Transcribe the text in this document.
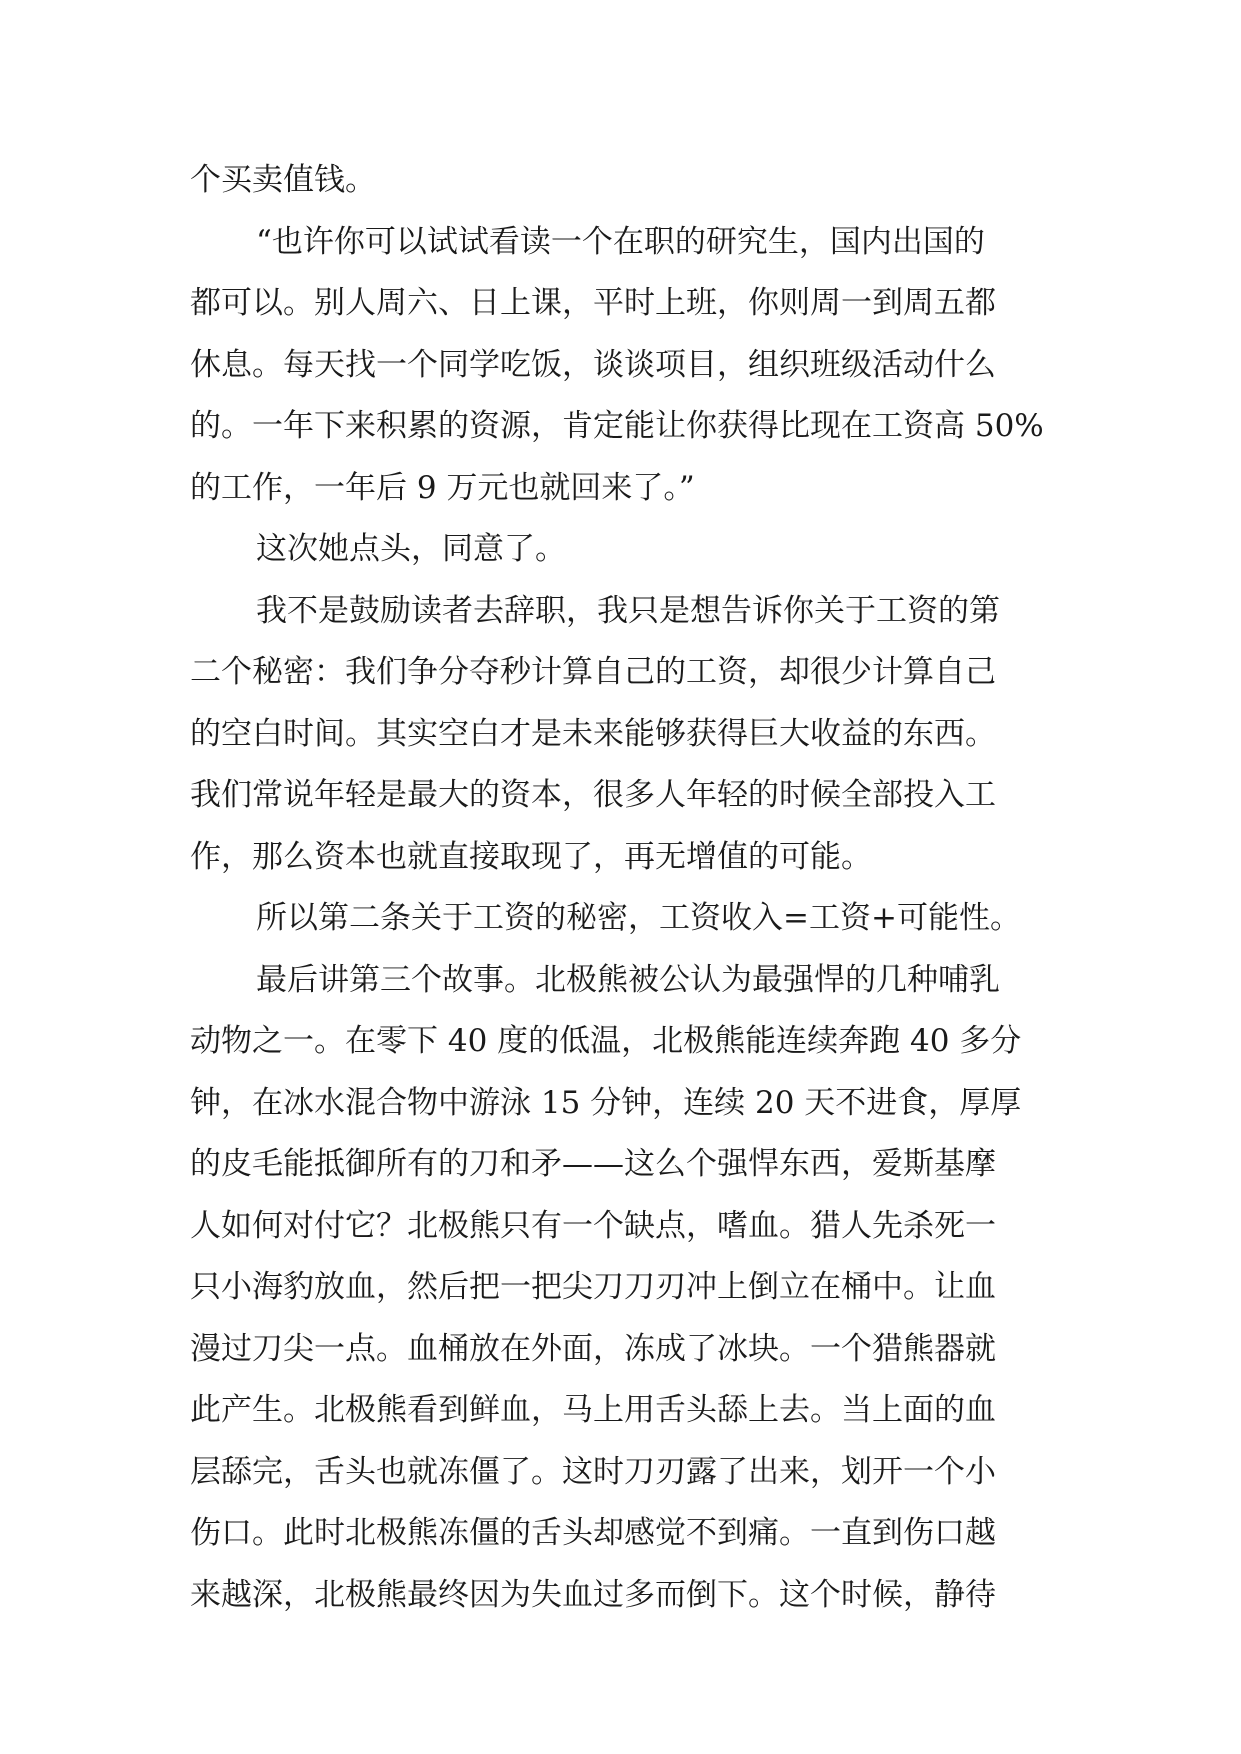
个买卖值钱。
“也许你可以试试看读一个在职的研究生，国内出国的
都可以。别人周六、日上课，平时上班，你则周一到周五都
休息。每天找一个同学吃饭，谈谈项目，组织班级活动什么
的。一年下来积累的资源，肯定能让你获得比现在工资高 50%
的工作，一年后 9 万元也就回来了。”
这次她点头，同意了。
我不是鼓励读者去辞职，我只是想告诉你关于工资的第
二个秘密：我们争分夺秒计算自己的工资，却很少计算自己
的空白时间。其实空白才是未来能够获得巨大收益的东西。
我们常说年轻是最大的资本，很多人年轻的时候全部投入工
作，那么资本也就直接取现了，再无增值的可能。
所以第二条关于工资的秘密，工资收入=工资+可能性。
最后讲第三个故事。北极熊被公认为最强悍的几种哺乳
动物之一。在零下 40 度的低温，北极熊能连续奔跑 40 多分
钟，在冰水混合物中游泳 15 分钟，连续 20 天不进食，厚厚
的皮毛能抵御所有的刀和矛——这么个强悍东西，爱斯基摩
人如何对付它？北极熊只有一个缺点，嗜血。猎人先杀死一
只小海豹放血，然后把一把尖刀刀刃冲上倒立在桶中。让血
漫过刀尖一点。血桶放在外面，冻成了冰块。一个猎熊器就
此产生。北极熊看到鲜血，马上用舌头舔上去。当上面的血
层舔完，舌头也就冻僵了。这时刀刃露了出来，划开一个小
伤口。此时北极熊冻僵的舌头却感觉不到痛。一直到伤口越
来越深，北极熊最终因为失血过多而倒下。这个时候，静待
